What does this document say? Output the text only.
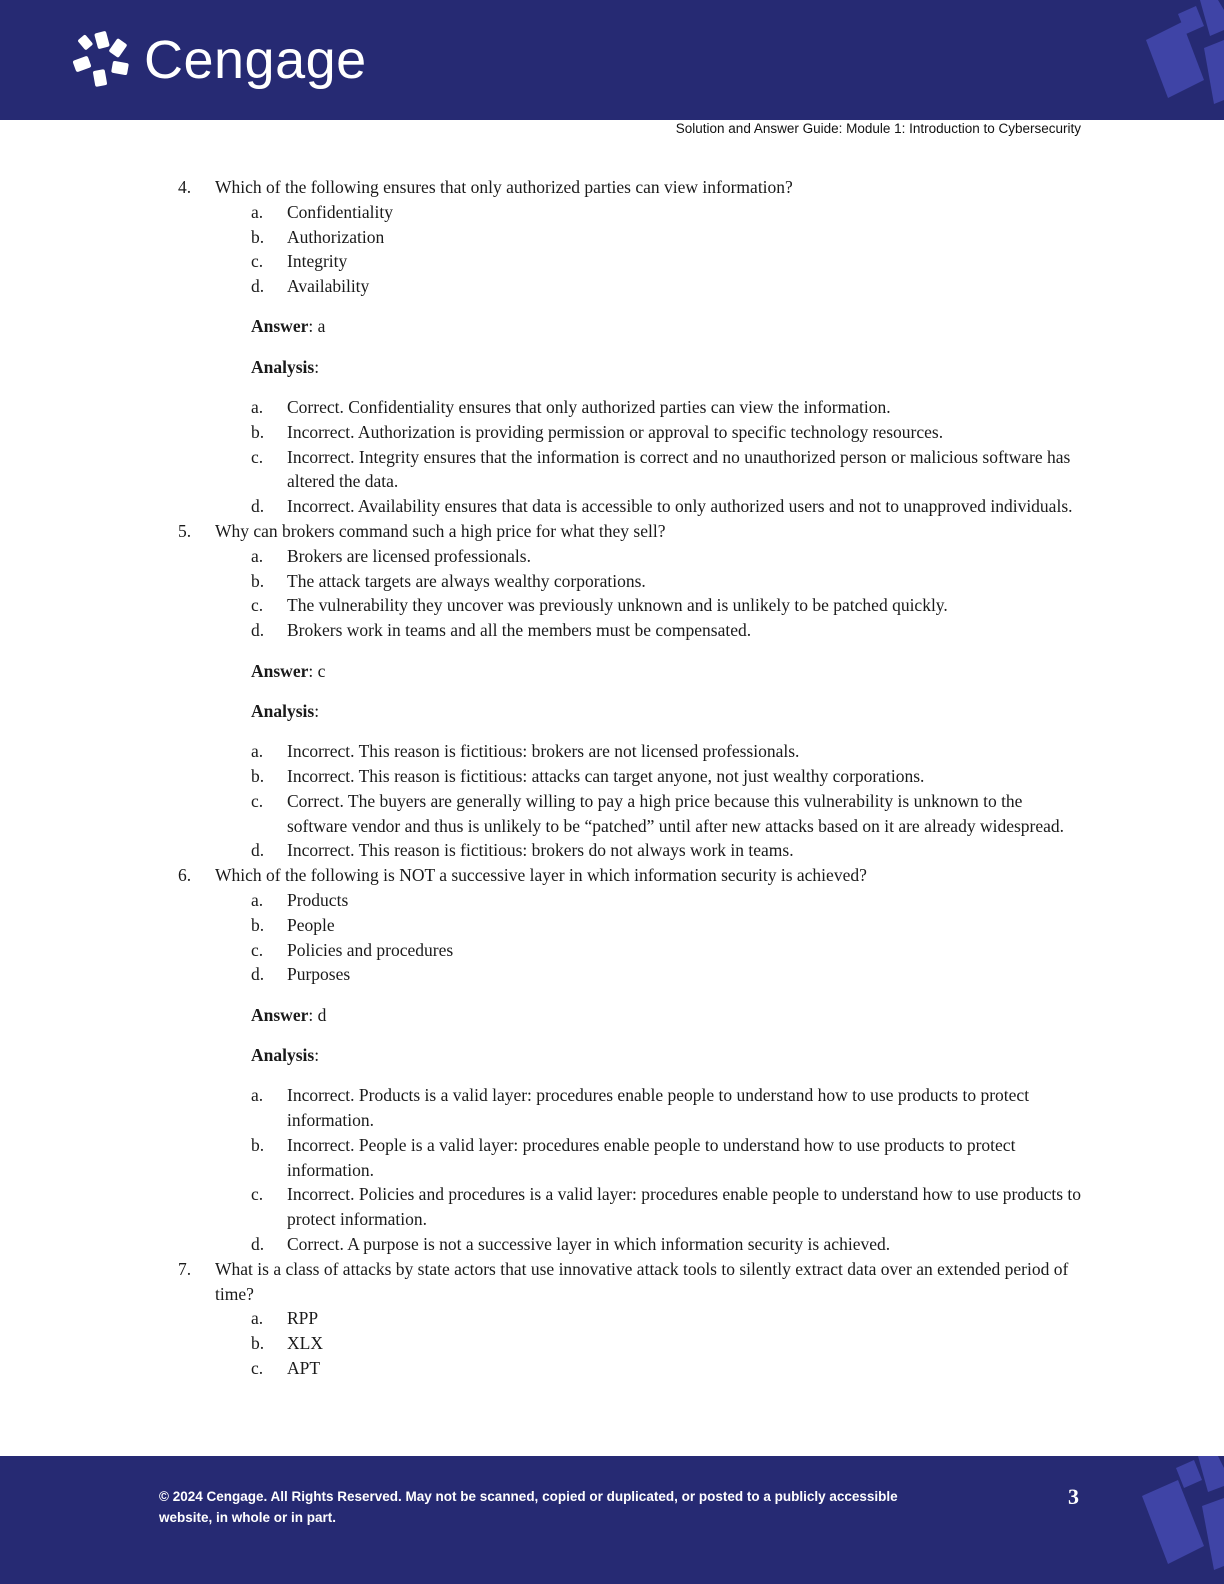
Cengage
Solution and Answer Guide: Module 1: Introduction to Cybersecurity
4.	Which of the following ensures that only authorized parties can view information?
a.	Confidentiality
b.	Authorization
c.	Integrity
d.	Availability
Answer: a
Analysis:
a.	Correct. Confidentiality ensures that only authorized parties can view the information.
b.	Incorrect. Authorization is providing permission or approval to specific technology resources.
c.	Incorrect. Integrity ensures that the information is correct and no unauthorized person or malicious software has altered the data.
d.	Incorrect. Availability ensures that data is accessible to only authorized users and not to unapproved individuals.
5.	Why can brokers command such a high price for what they sell?
a.	Brokers are licensed professionals.
b.	The attack targets are always wealthy corporations.
c.	The vulnerability they uncover was previously unknown and is unlikely to be patched quickly.
d.	Brokers work in teams and all the members must be compensated.
Answer: c
Analysis:
a.	Incorrect. This reason is fictitious: brokers are not licensed professionals.
b.	Incorrect. This reason is fictitious: attacks can target anyone, not just wealthy corporations.
c.	Correct. The buyers are generally willing to pay a high price because this vulnerability is unknown to the software vendor and thus is unlikely to be “patched” until after new attacks based on it are already widespread.
d.	Incorrect. This reason is fictitious: brokers do not always work in teams.
6.	Which of the following is NOT a successive layer in which information security is achieved?
a.	Products
b.	People
c.	Policies and procedures
d.	Purposes
Answer: d
Analysis:
a.	Incorrect. Products is a valid layer: procedures enable people to understand how to use products to protect information.
b.	Incorrect. People is a valid layer: procedures enable people to understand how to use products to protect information.
c.	Incorrect. Policies and procedures is a valid layer: procedures enable people to understand how to use products to protect information.
d.	Correct. A purpose is not a successive layer in which information security is achieved.
7.	What is a class of attacks by state actors that use innovative attack tools to silently extract data over an extended period of time?
a.	RPP
b.	XLX
c.	APT
© 2024 Cengage. All Rights Reserved. May not be scanned, copied or duplicated, or posted to a publicly accessible website, in whole or in part.
3
